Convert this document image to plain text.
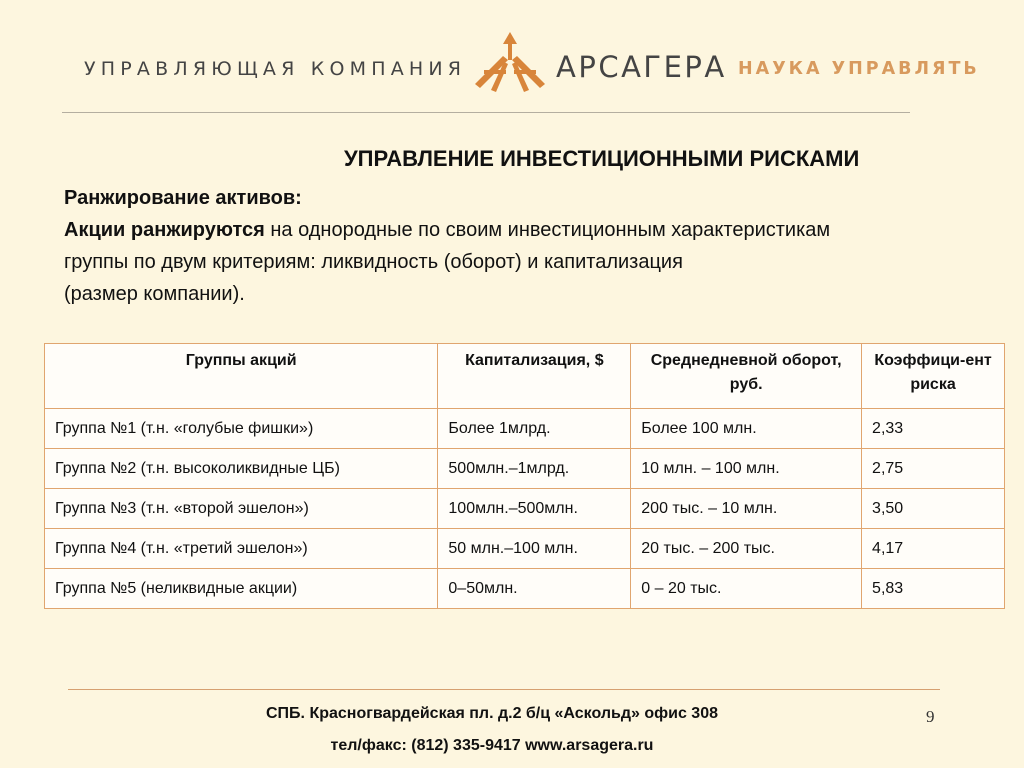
УПРАВЛЯЮЩАЯ КОМПАНИЯ	АРСАГЕРА НАУКА УПРАВЛЯТЬ
УПРАВЛЕНИЕ ИНВЕСТИЦИОННЫМИ РИСКАМИ
Ранжирование активов:
Акции ранжируются на однородные по своим инвестиционным характеристикам
группы по двум критериям: ликвидность (оборот) и капитализация
(размер компании).
Группы акций	Капитализация, $	Среднедневной оборот, руб.	Коэффици-ент риска
Группа №1 (т.н. «голубые фишки»)	Более 1млрд.	Более 100 млн.	2,33
Группа №2 (т.н. высоколиквидные ЦБ)	500млн.–1млрд.	10 млн. – 100 млн.	2,75
Группа №3 (т.н. «второй эшелон»)	100млн.–500млн.	200 тыс. – 10 млн.	3,50
Группа №4 (т.н. «третий эшелон»)	50 млн.–100 млн.	20 тыс. – 200 тыс.	4,17
Группа №5 (неликвидные акции)	0–50млн.	0 – 20 тыс.	5,83
СПБ. Красногвардейская пл. д.2 б/ц «Аскольд» офис 308
тел/факс: (812) 335-9417 www.arsagera.ru
9
